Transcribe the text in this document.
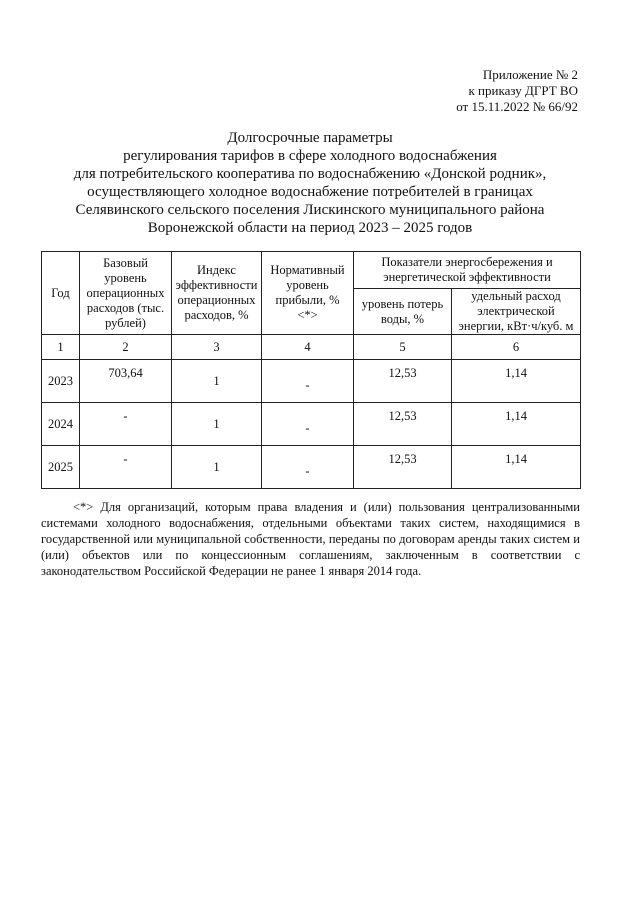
Приложение № 2
к приказу ДГРТ ВО
от 15.11.2022 № 66/92
Долгосрочные параметры
регулирования тарифов в сфере холодного водоснабжения
для потребительского кооператива по водоснабжению «Донской родник»,
осуществляющего холодное водоснабжение потребителей в границах
Селявинского сельского поселения Лискинского муниципального района
Воронежской области на период 2023 – 2025 годов
Год	Базовый уровень операционных расходов (тыс. рублей)	Индекс эффективности операционных расходов, %	Нормативный уровень прибыли, % <*>	Показатели энергосбережения и энергетической эффективности	
				уровень потерь воды, %	удельный расход электрической энергии, кВт·ч/куб. м
1	2	3	4	5	6
2023	703,64	1	-	12,53	1,14
2024	-	1	-	12,53	1,14
2025	-	1	-	12,53	1,14
<*> Для организаций, которым права владения и (или) пользования централизованными системами холодного водоснабжения, отдельными объектами таких систем, находящимися в государственной или муниципальной собственности, переданы по договорам аренды таких систем и (или) объектов или по концессионным соглашениям, заключенным в соответствии с законодательством Российской Федерации не ранее 1 января 2014 года.
